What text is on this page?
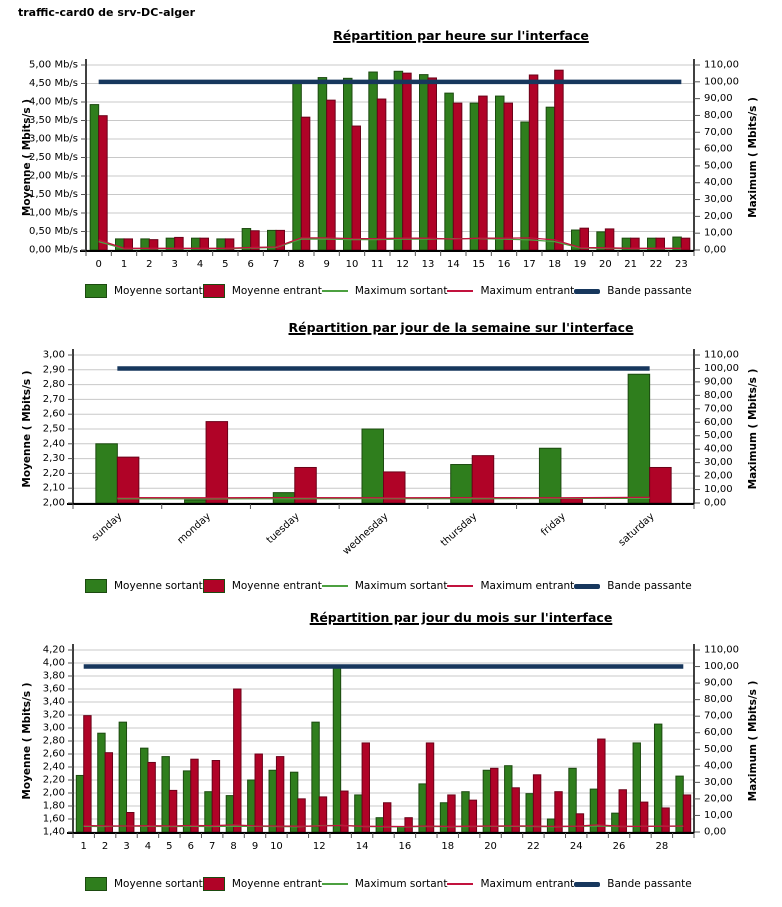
traffic-card0 de srv-DC-alger
Répartition par heure sur l'interface
0,00 Mb/s
0,50 Mb/s
1,00 Mb/s
1,50 Mb/s
2,00 Mb/s
2,50 Mb/s
3,00 Mb/s
3,50 Mb/s
4,00 Mb/s
4,50 Mb/s
5,00 Mb/s
0,00
10,00
20,00
30,00
40,00
50,00
60,00
70,00
80,00
90,00
100,00
110,00
0 1 2 3 4 5 6 7 8 9 10 11 12 13 14 15 16 17 18 19 20 21 22 23
Moyenne ( Mbits/s )	Maximum ( Mbits/s )
Moyenne sortant	Moyenne entrant	Maximum sortant	Maximum entrant	Bande passante
Répartition par jour de la semaine sur l'interface
2,00
2,10
2,20
2,30
2,40
2,50
2,60
2,70
2,80
2,90
3,00
0,00
10,00
20,00
30,00
40,00
50,00
60,00
70,00
80,00
90,00
100,00
110,00
sunday	monday	tuesday	wednesday	thursday	friday	saturday
Moyenne ( Mbits/s )	Maximum ( Mbits/s )
Moyenne sortant	Moyenne entrant	Maximum sortant	Maximum entrant	Bande passante
Répartition par jour du mois sur l'interface
1,40
1,60
1,80
2,00
2,20
2,40
2,60
2,80
3,00
3,20
3,40
3,60
3,80
4,00
4,20
0,00
10,00
20,00
30,00
40,00
50,00
60,00
70,00
80,00
90,00
100,00
110,00
1 2 3 4 5 6 7 8 9 10	12	14	16	18	20	22	24	26	28
Moyenne ( Mbits/s )	Maximum ( Mbits/s )
Moyenne sortant	Moyenne entrant	Maximum sortant	Maximum entrant	Bande passante
